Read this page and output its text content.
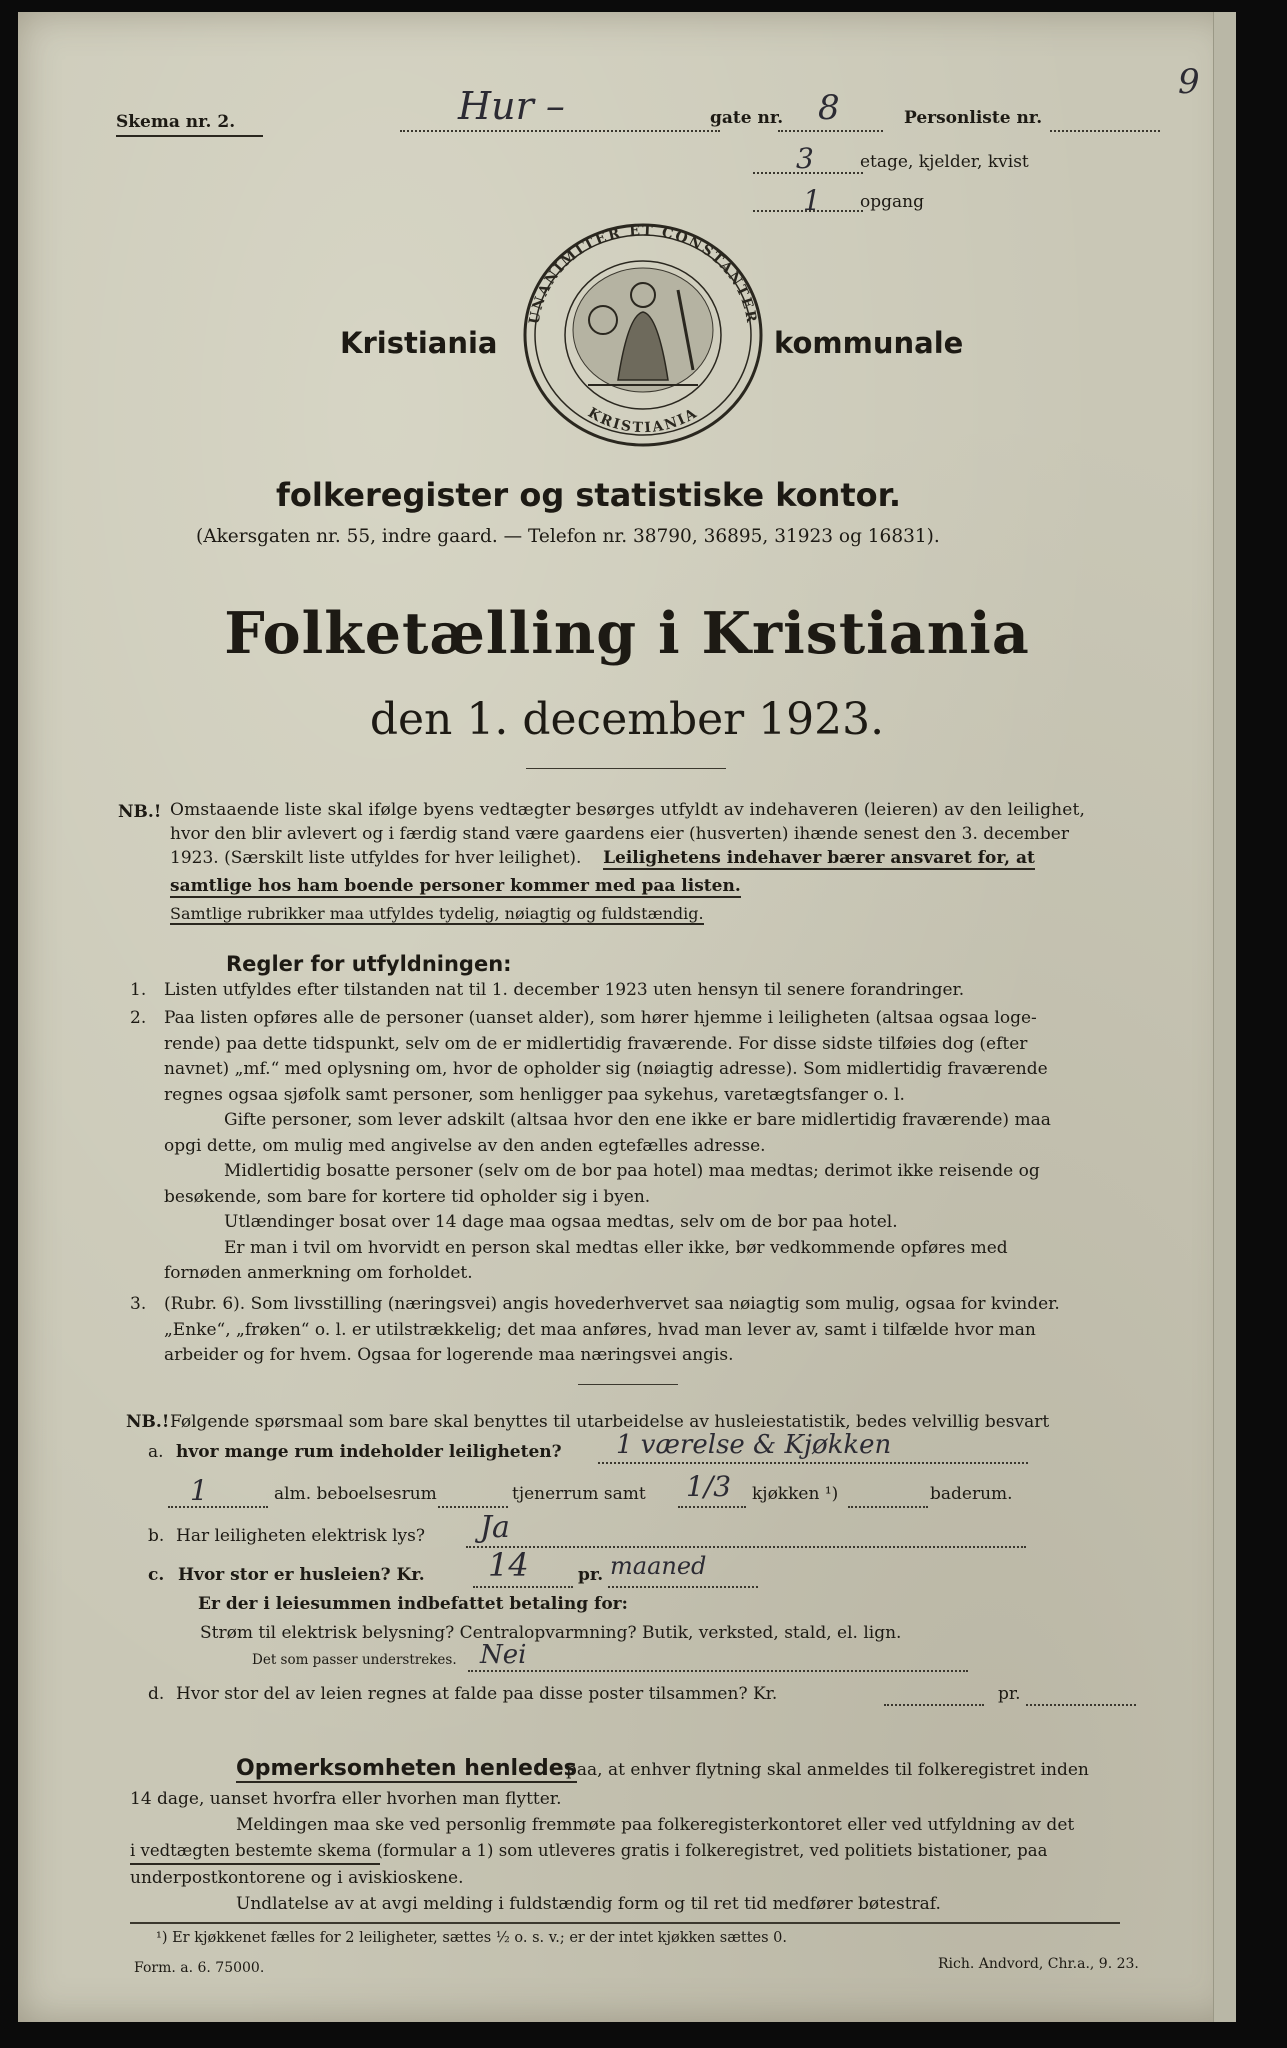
Skema nr. 2.	Hur –	gate nr. 8	Personliste nr.
9
3	etage, kjelder, kvist
1 opgang
Kristiania	kommunale
UNANIMITER ET CONSTANTER
KRISTIANIA
folkeregister og statistiske kontor.
(Akersgaten nr. 55, indre gaard. — Telefon nr. 38790, 36895, 31923 og 16831).
Folketælling i Kristiania
den 1. december 1923.
NB.! Omstaaende liste skal ifølge byens vedtægter besørges utfyldt av indehaveren (leieren) av den leilighet,
hvor den blir avlevert og i færdig stand være gaardens eier (husverten) ihænde senest den 3. december
1923. (Særskilt liste utfyldes for hver leilighet). Leilighetens indehaver bærer ansvaret for, at
samtlige hos ham boende personer kommer med paa listen.
Samtlige rubrikker maa utfyldes tydelig, nøiagtig og fuldstændig.
Regler for utfyldningen:
1. Listen utfyldes efter tilstanden nat til 1. december 1923 uten hensyn til senere forandringer.
2. Paa listen opføres alle de personer (uanset alder), som hører hjemme i leiligheten (altsaa ogsaa loge-
rende) paa dette tidspunkt, selv om de er midlertidig fraværende. For disse sidste tilføies dog (efter
navnet) „mf.“ med oplysning om, hvor de opholder sig (nøiagtig adresse). Som midlertidig fraværende
regnes ogsaa sjøfolk samt personer, som henligger paa sykehus, varetægtsfanger o. l.
Gifte personer, som lever adskilt (altsaa hvor den ene ikke er bare midlertidig fraværende) maa
opgi dette, om mulig med angivelse av den anden egtefælles adresse.
Midlertidig bosatte personer (selv om de bor paa hotel) maa medtas; derimot ikke reisende og
besøkende, som bare for kortere tid opholder sig i byen.
Utlændinger bosat over 14 dage maa ogsaa medtas, selv om de bor paa hotel.
Er man i tvil om hvorvidt en person skal medtas eller ikke, bør vedkommende opføres med
fornøden anmerkning om forholdet.
3. (Rubr. 6). Som livsstilling (næringsvei) angis hovederhvervet saa nøiagtig som mulig, ogsaa for kvinder.
„Enke“, „frøken“ o. l. er utilstrækkelig; det maa anføres, hvad man lever av, samt i tilfælde hvor man
arbeider og for hvem. Ogsaa for logerende maa næringsvei angis.
NB.! Følgende spørsmaal som bare skal benyttes til utarbeidelse av husleiestatistik, bedes velvillig besvart
a. hvor mange rum indeholder leiligheten? 1 værelse & Kjøkken
1	alm. beboelsesrum	tjenerrum samt 1/3 kjøkken ¹)	baderum.
b. Har leiligheten elektrisk lys? Ja
c. Hvor stor er husleien? Kr. 14	pr. maaned
Er der i leiesummen indbefattet betaling for:
Strøm til elektrisk belysning? Centralopvarmning? Butik, verksted, stald, el. lign.
Det som passer understrekes. Nei
d. Hvor stor del av leien regnes at falde paa disse poster tilsammen? Kr.	pr.
Opmerksomheten henledes
paa, at enhver flytning skal anmeldes til folkeregistret inden
14 dage, uanset hvorfra eller hvorhen man flytter.
Meldingen maa ske ved personlig fremmøte paa folkeregisterkontoret eller ved utfyldning av det
i vedtægten bestemte skema (formular a 1) som utleveres gratis i folkeregistret, ved politiets bistationer, paa
underpostkontorene og i aviskioskene.
Undlatelse av at avgi melding i fuldstændig form og til ret tid medfører bøtestraf.
¹) Er kjøkkenet fælles for 2 leiligheter, sættes ½ o. s. v.; er der intet kjøkken sættes 0.
Form. a. 6. 75000.	Rich. Andvord, Chr.a., 9. 23.
